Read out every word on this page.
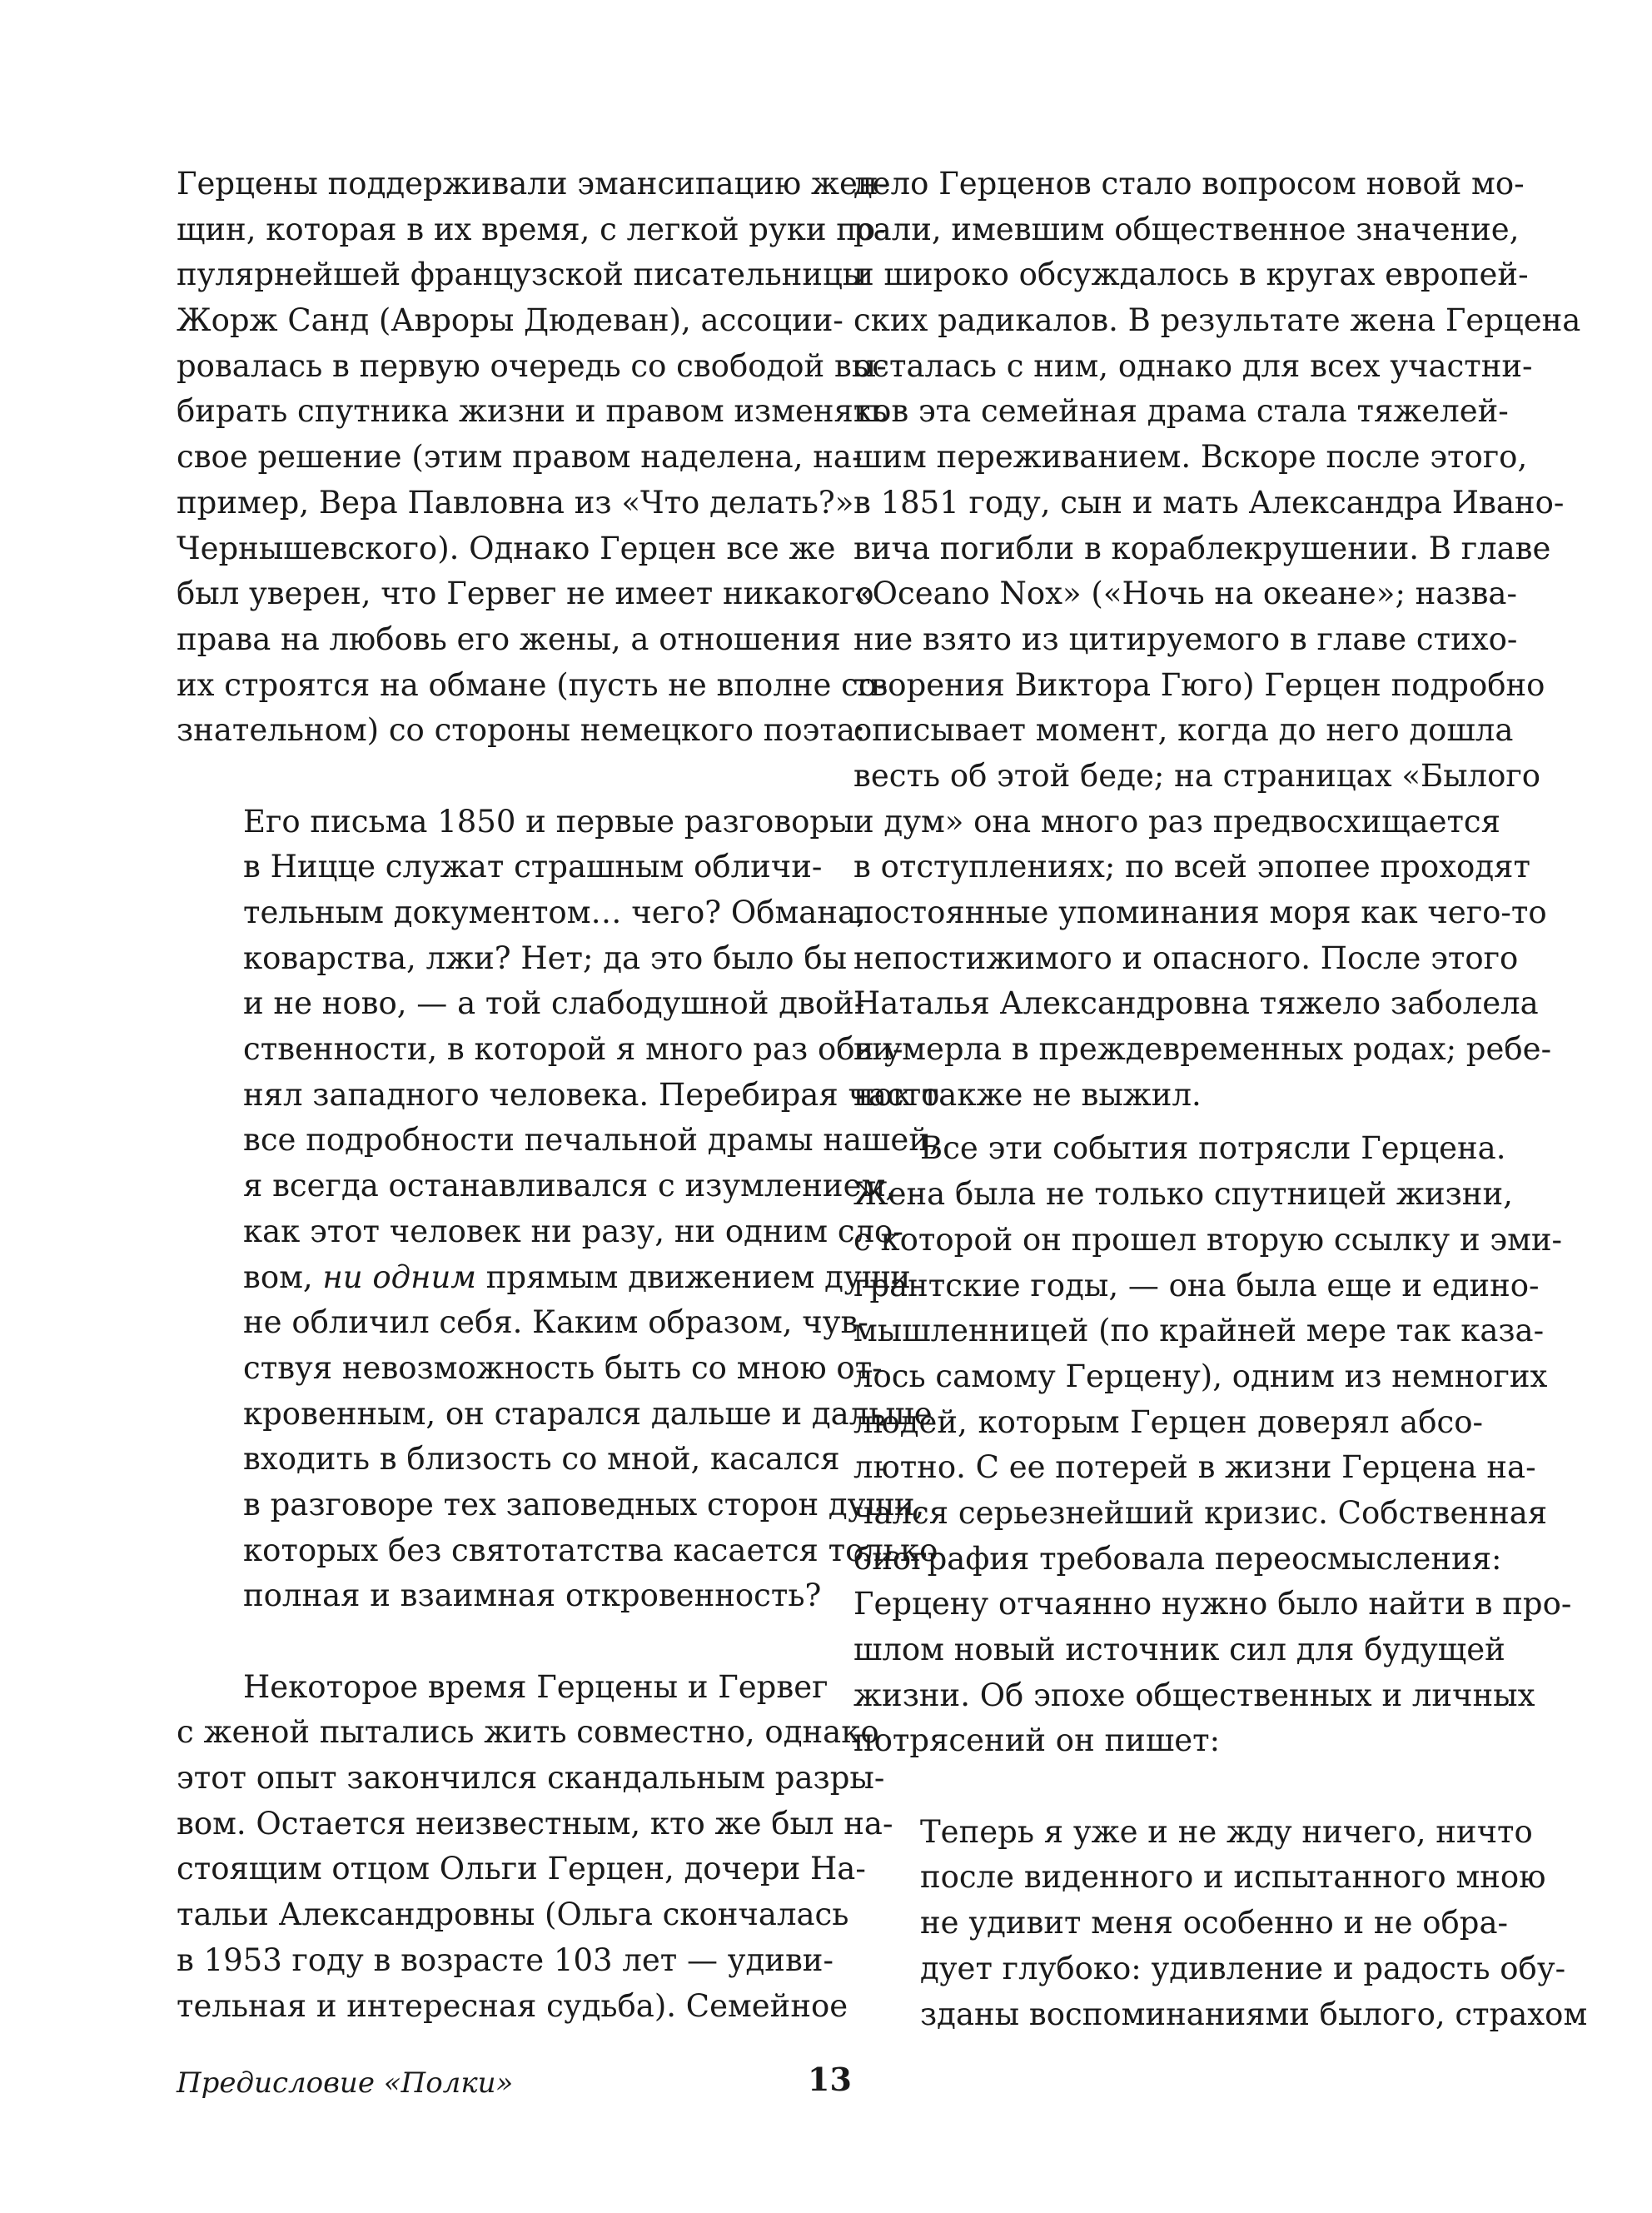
Герцены поддерживали эмансипацию жен-
щин, которая в их время, с легкой руки по-
пулярнейшей французской писательницы
Жорж Санд (Авроры Дюдеван), ассоции-
ровалась в первую очередь со свободой вы-
бирать спутника жизни и правом изменять
свое решение (этим правом наделена, на-
пример, Вера Павловна из «Что делать?»
Чернышевского). Однако Герцен все же
был уверен, что Гервег не имеет никакого
права на любовь его жены, а отношения
их строятся на обмане (пусть не вполне со-
знательном) со стороны немецкого поэта:
Его письма 1850 и первые разговоры
в Ницце служат страшным обличи-
тельным документом… чего? Обмана,
коварства, лжи? Нет; да это было бы
и не ново, — а той слабодушной двой-
ственности, в которой я много раз обви-
нял западного человека. Перебирая часто
все подробности печальной драмы нашей,
я всегда останавливался с изумлением,
как этот человек ни разу, ни одним сло-
вом, ни одним прямым движением души
не обличил себя. Каким образом, чув-
ствуя невозможность быть со мною от-
кровенным, он старался дальше и дальше
входить в близость со мной, касался
в разговоре тех заповедных сторон души,
которых без святотатства касается только
полная и взаимная откровенность?
Некоторое время Герцены и Гервег
с женой пытались жить совместно, однако
этот опыт закончился скандальным разры-
вом. Остается неизвестным, кто же был на-
стоящим отцом Ольги Герцен, дочери На-
тальи Александровны (Ольга скончалась
в 1953 году в возрасте 103 лет — удиви-
тельная и интересная судьба). Семейное
дело Герценов стало вопросом новой мо-
рали, имевшим общественное значение,
и широко обсуждалось в кругах европей-
ских радикалов. В результате жена Герцена
осталась с ним, однако для всех участни-
ков эта семейная драма стала тяжелей-
шим переживанием. Вскоре после этого,
в 1851 году, сын и мать Александра Ивано-
вича погибли в кораблекрушении. В главе
«Oceano Nox» («Ночь на океане»; назва-
ние взято из цитируемого в главе стихо-
творения Виктора Гюго) Герцен подробно
описывает момент, когда до него дошла
весть об этой беде; на страницах «Былого
и дум» она много раз предвосхищается
в отступлениях; по всей эпопее проходят
постоянные упоминания моря как чего-то
непостижимого и опасного. После этого
Наталья Александровна тяжело заболела
и умерла в преждевременных родах; ребе-
нок также не выжил.
Все эти события потрясли Герцена.
Жена была не только спутницей жизни,
с которой он прошел вторую ссылку и эми-
грантские годы, — она была еще и едино-
мышленницей (по крайней мере так каза-
лось самому Герцену), одним из немногих
людей, которым Герцен доверял абсо-
лютно. С ее потерей в жизни Герцена на-
чался серьезнейший кризис. Собственная
биография требовала переосмысления:
Герцену отчаянно нужно было найти в про-
шлом новый источник сил для будущей
жизни. Об эпохе общественных и личных
потрясений он пишет:
Теперь я уже и не жду ничего, ничто
после виденного и испытанного мною
не удивит меня особенно и не обра-
дует глубоко: удивление и радость обу-
зданы воспоминаниями былого, страхом
Предисловие «Полки»	13
